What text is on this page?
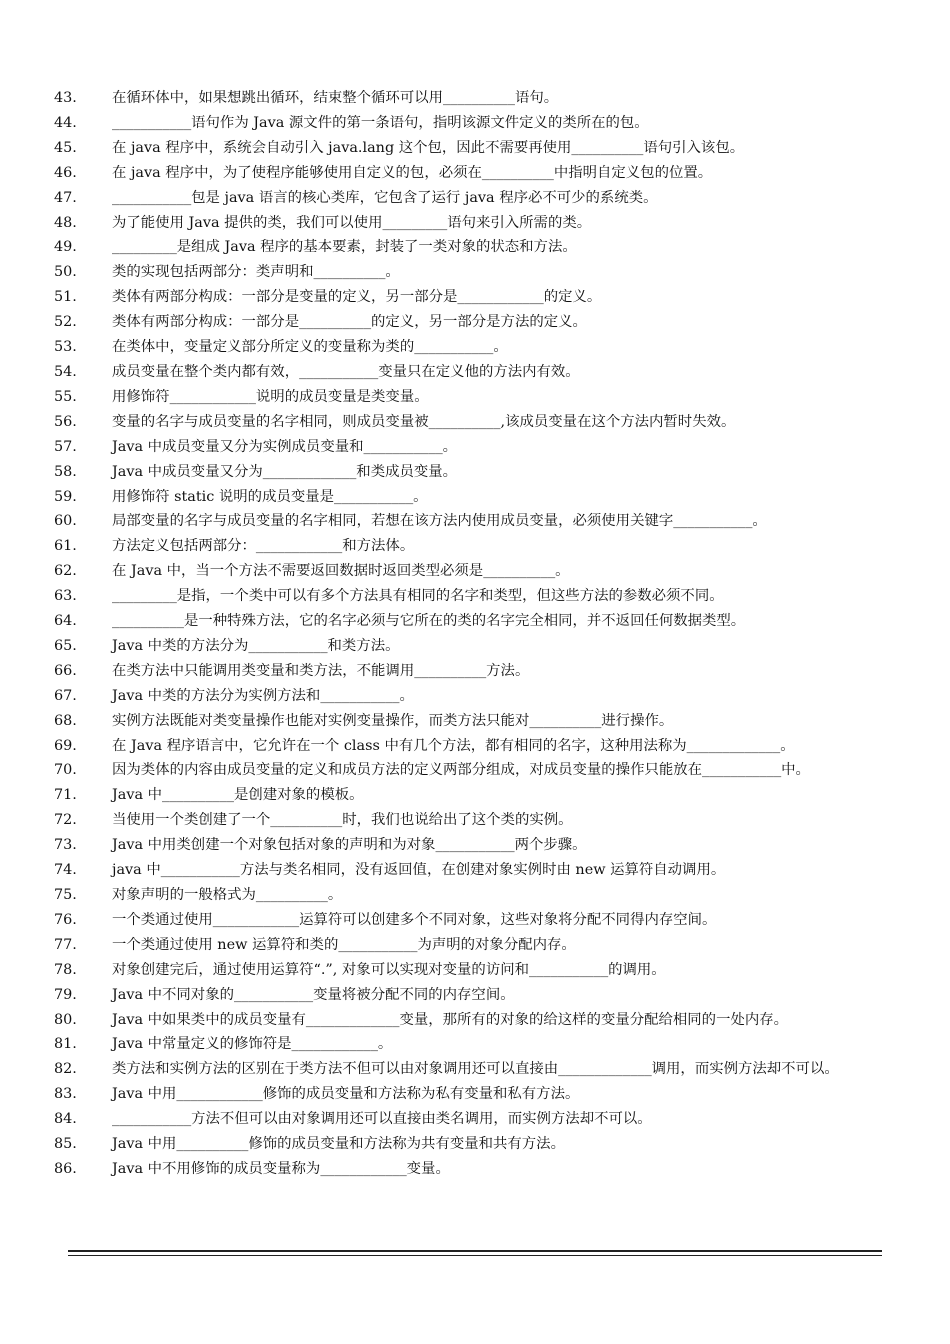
43.	在循环体中，如果想跳出循环，结束整个循环可以用__________语句。
44.	___________语句作为 Java 源文件的第一条语句，指明该源文件定义的类所在的包。
45.	在 java 程序中，系统会自动引入 java.lang 这个包，因此不需要再使用__________语句引入该包。
46.	在 java 程序中，为了使程序能够使用自定义的包，必须在__________中指明自定义包的位置。
47.	___________包是 java 语言的核心类库，它包含了运行 java 程序必不可少的系统类。
48.	为了能使用 Java 提供的类，我们可以使用_________语句来引入所需的类。
49.	_________是组成 Java 程序的基本要素，封装了一类对象的状态和方法。
50.	类的实现包括两部分：类声明和__________。
51.	类体有两部分构成：一部分是变量的定义，另一部分是____________的定义。
52.	类体有两部分构成：一部分是__________的定义，另一部分是方法的定义。
53.	在类体中，变量定义部分所定义的变量称为类的___________。
54.	成员变量在整个类内都有效，___________变量只在定义他的方法内有效。
55.	用修饰符____________说明的成员变量是类变量。
56.	变量的名字与成员变量的名字相同，则成员变量被__________,该成员变量在这个方法内暂时失效。
57.	Java 中成员变量又分为实例成员变量和___________。
58.	Java 中成员变量又分为_____________和类成员变量。
59.	用修饰符 static 说明的成员变量是___________。
60.	局部变量的名字与成员变量的名字相同，若想在该方法内使用成员变量，必须使用关键字___________。
61.	方法定义包括两部分：____________和方法体。
62.	在 Java 中，当一个方法不需要返回数据时返回类型必须是__________。
63.	_________是指，一个类中可以有多个方法具有相同的名字和类型，但这些方法的参数必须不同。
64.	__________是一种特殊方法，它的名字必须与它所在的类的名字完全相同，并不返回任何数据类型。
65.	Java 中类的方法分为___________和类方法。
66.	在类方法中只能调用类变量和类方法，不能调用__________方法。
67.	Java 中类的方法分为实例方法和___________。
68.	实例方法既能对类变量操作也能对实例变量操作，而类方法只能对__________进行操作。
69.	在 Java 程序语言中，它允许在一个 class 中有几个方法，都有相同的名字，这种用法称为_____________。
70.	因为类体的内容由成员变量的定义和成员方法的定义两部分组成，对成员变量的操作只能放在___________中。
71.	Java 中__________是创建对象的模板。
72.	当使用一个类创建了一个__________时，我们也说给出了这个类的实例。
73.	Java 中用类创建一个对象包括对象的声明和为对象___________两个步骤。
74.	java 中___________方法与类名相同，没有返回值，在创建对象实例时由 new 运算符自动调用。
75.	对象声明的一般格式为__________。
76.	一个类通过使用____________运算符可以创建多个不同对象，这些对象将分配不同得内存空间。
77.	一个类通过使用 new 运算符和类的___________为声明的对象分配内存。
78.	对象创建完后，通过使用运算符“.”, 对象可以实现对变量的访问和___________的调用。
79.	Java 中不同对象的___________变量将被分配不同的内存空间。
80.	Java 中如果类中的成员变量有_____________变量，那所有的对象的给这样的变量分配给相同的一处内存。
81.	Java 中常量定义的修饰符是____________。
82.	类方法和实例方法的区别在于类方法不但可以由对象调用还可以直接由_____________调用，而实例方法却不可以。
83.	Java 中用____________修饰的成员变量和方法称为私有变量和私有方法。
84.	___________方法不但可以由对象调用还可以直接由类名调用，而实例方法却不可以。
85.	Java 中用__________修饰的成员变量和方法称为共有变量和共有方法。
86.	Java 中不用修饰的成员变量称为____________变量。
